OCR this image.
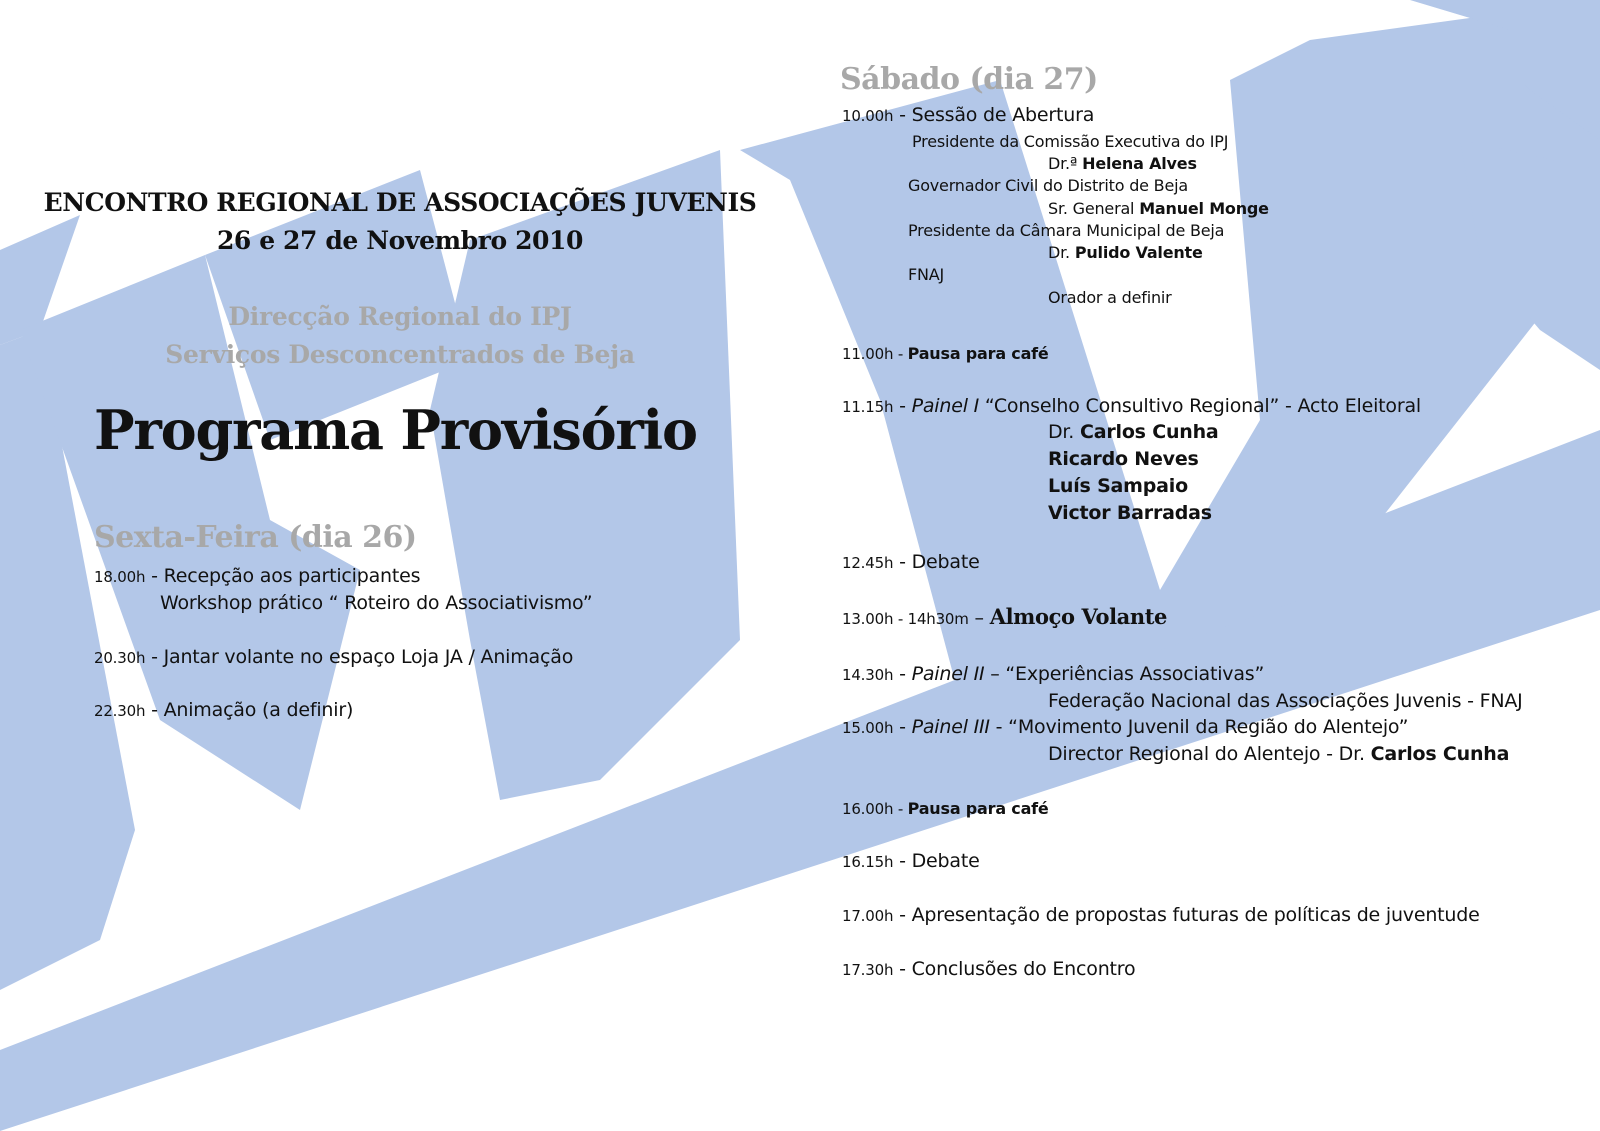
ENCONTRO REGIONAL DE ASSOCIAÇÕES JUVENIS
26 e 27 de Novembro 2010
Direcção Regional do IPJ
Serviços Desconcentrados de Beja
Programa Provisório
Sexta-Feira (dia 26)
18.00h - Recepção aos participantes
Workshop prático “ Roteiro do Associativismo”
20.30h - Jantar volante no espaço Loja JA / Animação
22.30h - Animação (a definir)
Sábado (dia 27)
10.00h - Sessão de Abertura
Presidente da Comissão Executiva do IPJ
Dr.ª Helena Alves
Governador Civil do Distrito de Beja
Sr. General Manuel Monge
Presidente da Câmara Municipal de Beja
Dr. Pulido Valente
FNAJ
Orador a definir
11.00h - Pausa para café
11.15h - Painel I “Conselho Consultivo Regional” - Acto Eleitoral
Dr. Carlos Cunha
Ricardo Neves
Luís Sampaio
Victor Barradas
12.45h - Debate
13.00h - 14h30m – Almoço Volante
14.30h - Painel II – “Experiências Associativas”
Federação Nacional das Associações Juvenis - FNAJ
15.00h - Painel III - “Movimento Juvenil da Região do Alentejo”
Director Regional do Alentejo - Dr. Carlos Cunha
16.00h - Pausa para café
16.15h - Debate
17.00h - Apresentação de propostas futuras de políticas de juventude
17.30h - Conclusões do Encontro
